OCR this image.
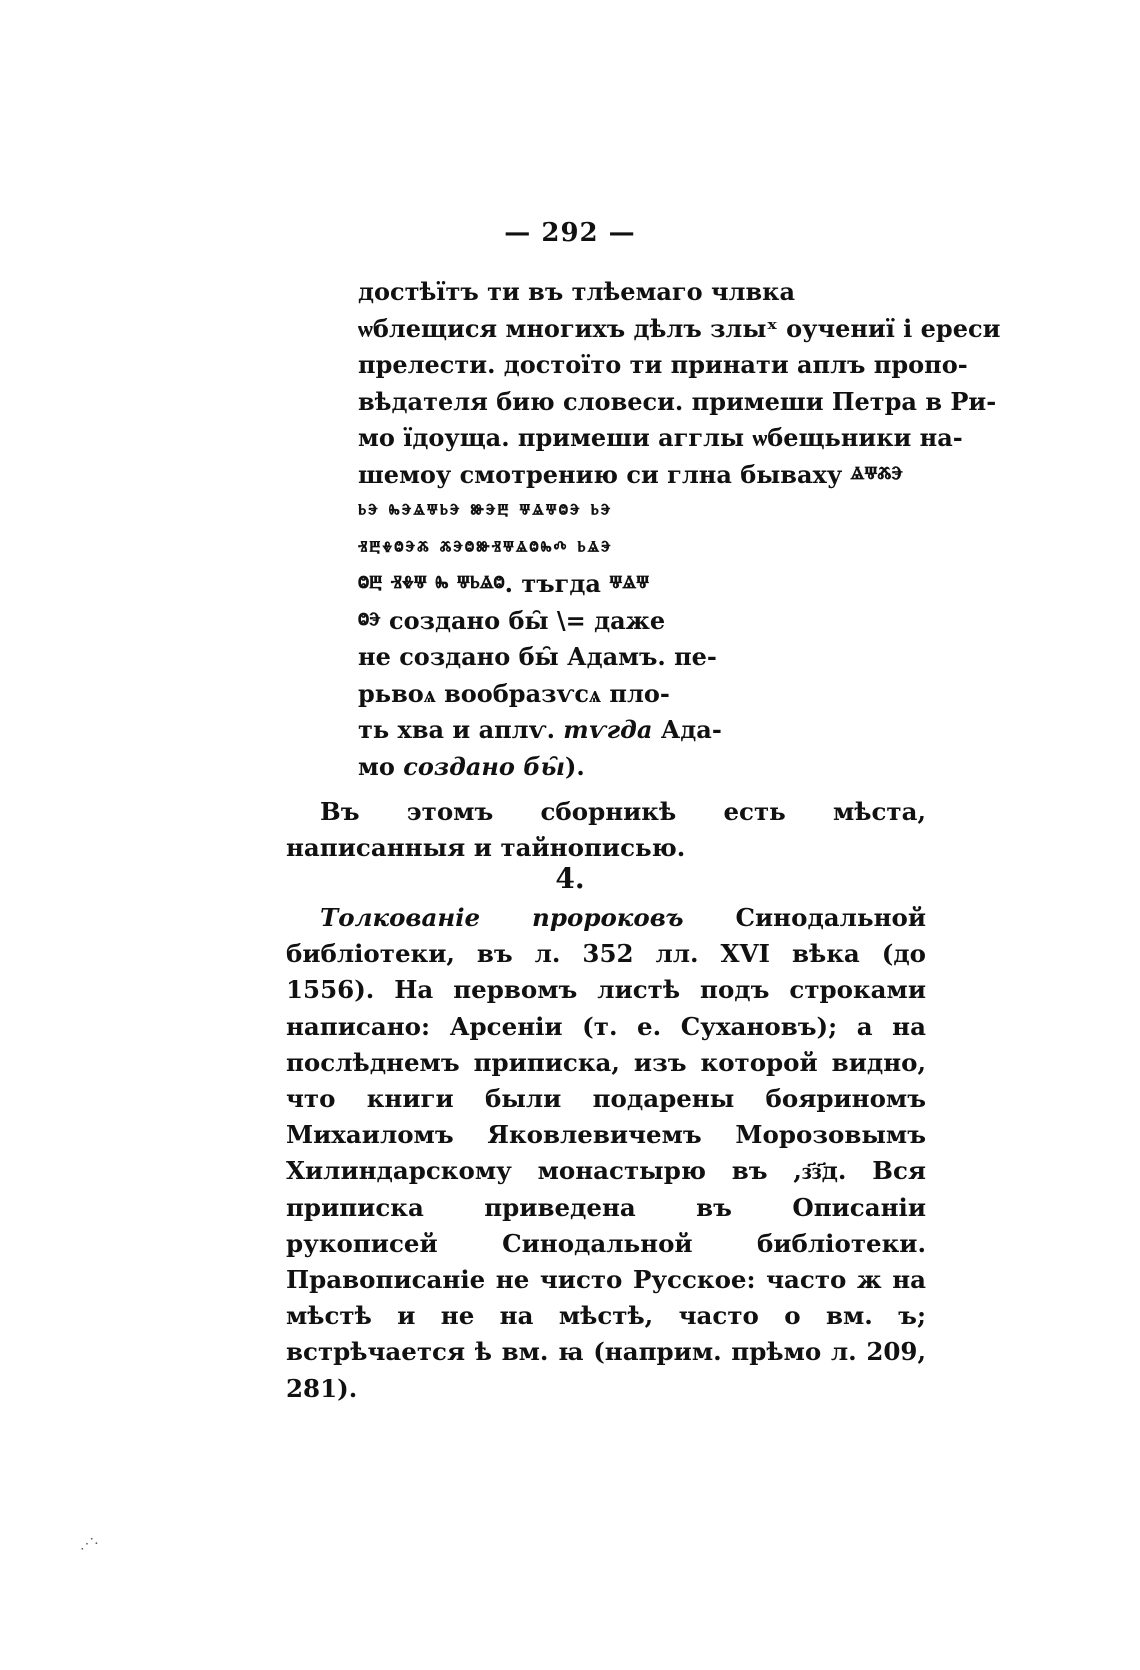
— 292 —
достѣїтъ ти въ тлѣемаго члвка
ѡблещися многихъ дѣлъ злыˣ оучениї і ереси
прелести. достоїто ти принати аплъ пропо-
вѣдателя бию словеси. примеши Петра в Ри-
мо їдоуща. примеши агглы ѡбещьники на-
шемоу смотрению си глна бываху ⱑⱋⰶⰵ
ⱃⰵ ⰸⰵⱑⱋⱃⰵ ⱆⰵⰱ ⱋⱑⱋⱉⰵ ⱃⰵ
ⱐⰱⰷⱉⰵⰶ ⰶⰵⱉⱆⱐⱋⱑⱉⰸⰴ ⱃⱑⰵ
ⱉⰱ ⱐⰷⱋ ⰸ ⱋⱃⱑⱉ. тъгда ⱋⱑⱋ
ⱉⰵ создано бы̑ \= даже
не создано бы̑ Адамъ. пе-
рьвоѧ вообразѵсѧ пло-
ть хва и аплѵ. тѵгда Ада-
мо создано бы̑).
Въ этомъ сборникѣ есть мѣста, написанныя и тайнописью.
4.
Толкованіе пророковъ Синодальной библіотеки, въ л. 352 лл. XVI вѣка (до 1556). На первомъ листѣ подъ строками написано: Арсеніи (т. е. Сухановъ); а на послѣднемъ приписка, изъ которой видно, что книги были подарены бояриномъ Михаиломъ Яковлевичемъ Морозовымъ Хилиндарскому монастырю въ ,з҃з҃д. Вся приписка приведена въ Описаніи рукописей Синодальной библіотеки. Правописаніе не чисто Русское: часто ж на мѣстѣ и не на мѣстѣ, часто о вм. ъ; встрѣчается ѣ вм. ꙗ (наприм. прѣмо л. 209, 281).
⋰⋅
